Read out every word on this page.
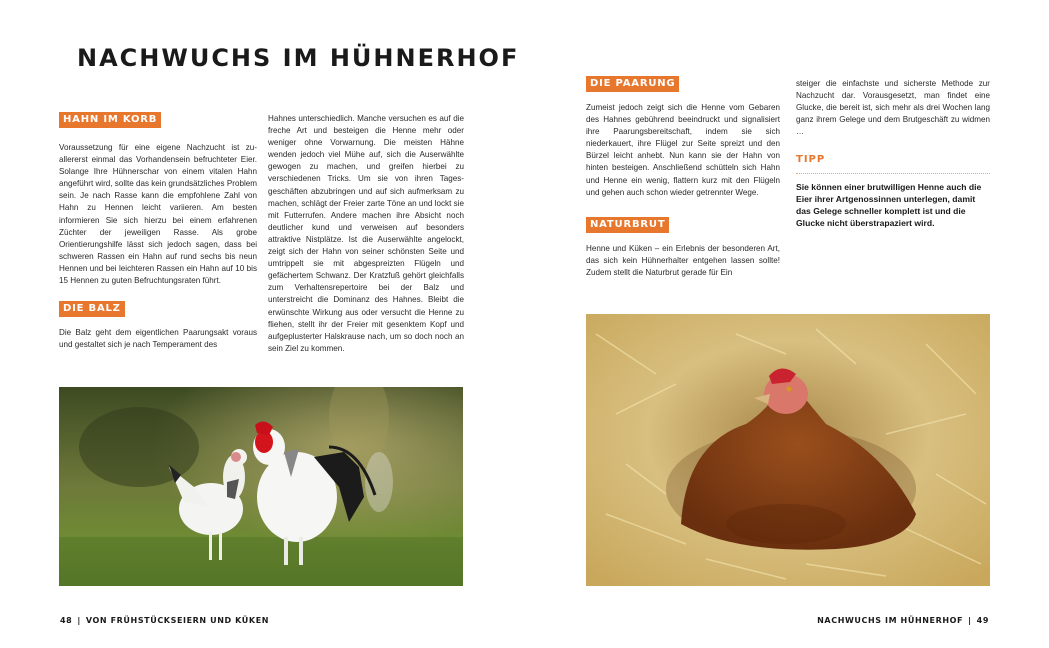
NACHWUCHS IM HÜHNERHOF
HAHN IM KORB

Voraussetzung für eine eigene Nachzucht ist zuallererst einmal das Vorhandensein befruchteter Eier. Solange Ihre Hühnerschar von einem vitalen Hahn angeführt wird, sollte das kein grundsätzliches Problem sein. Je nach Rasse kann die empfohlene Zahl von Hahn zu Hennen leicht variieren. Am besten informieren Sie sich hierzu bei einem erfahrenen Züchter der jeweiligen Rasse. Als grobe Orientierungshilfe lässt sich jedoch sagen, dass bei schweren Rassen ein Hahn auf rund sechs bis neun Hennen und bei leichteren Rassen ein Hahn auf 10 bis 15 Hennen zu guten Befruchtungsraten führt.

DIE BALZ

Die Balz geht dem eigentlichen Paarungsakt voraus und gestaltet sich je nach Temperament des

Hahnes unterschiedlich. Manche versuchen es auf die freche Art und besteigen die Henne mehr oder weniger ohne Vorwarnung. Die meisten Hähne wenden jedoch viel Mühe auf, sich die Auserwählte gewogen zu machen, und greifen hierbei zu verschiedenen Tricks. Um sie von ihren Tagesgeschäften abzubringen und auf sich aufmerksam zu machen, schlägt der Freier zarte Töne an und lockt sie mit Futterrufen. Andere machen ihre Absicht noch deutlicher kund und verweisen auf besonders attraktive Nistplätze. Ist die Auserwählte angelockt, zeigt sich der Hahn von seiner schönsten Seite und umtrippelt sie mit abgespreizten Flügeln und gefächertem Schwanz. Der Kratzfuß gehört gleichfalls zum Verhaltensrepertoire bei der Balz und unterstreicht die Dominanz des Hahnes. Bleibt die erwünschte Wirkung aus oder versucht die Henne zu fliehen, stellt ihr der Freier mit gesenktem Kopf und aufgeplusterter Halskrause nach, um so doch noch an sein Ziel zu kommen.

48 | VON FRÜHSTÜCKSEIERN UND KÜKEN
DIE PAARUNG

Zumeist jedoch zeigt sich die Henne vom Gebaren des Hahnes gebührend beeindruckt und signalisiert ihre Paarungsbereitschaft, indem sie sich niederkauert, ihre Flügel zur Seite spreizt und den Bürzel leicht anhebt. Nun kann sie der Hahn von hinten besteigen. Anschließend schütteln sich Hahn und Henne ein wenig, flattern kurz mit den Flügeln und gehen auch schon wieder getrennter Wege.

NATURBRUT

Henne und Küken – ein Erlebnis der besonderen Art, das sich kein Hühnerhalter entgehen lassen sollte! Zudem stellt die Naturbrut gerade für Ein

steiger die einfachste und sicherste Methode zur Nachzucht dar. Vorausgesetzt, man findet eine Glucke, die bereit ist, sich mehr als drei Wochen lang ganz ihrem Gelege und dem Brutgeschäft zu widmen …

TIPP
Sie können einer brutwilligen Henne auch die Eier ihrer Artgenossinnen unterlegen, damit das Gelege schneller komplett ist und die Glucke nicht überstrapaziert wird.
NACHWUCHS IM HÜHNERHOF | 49
